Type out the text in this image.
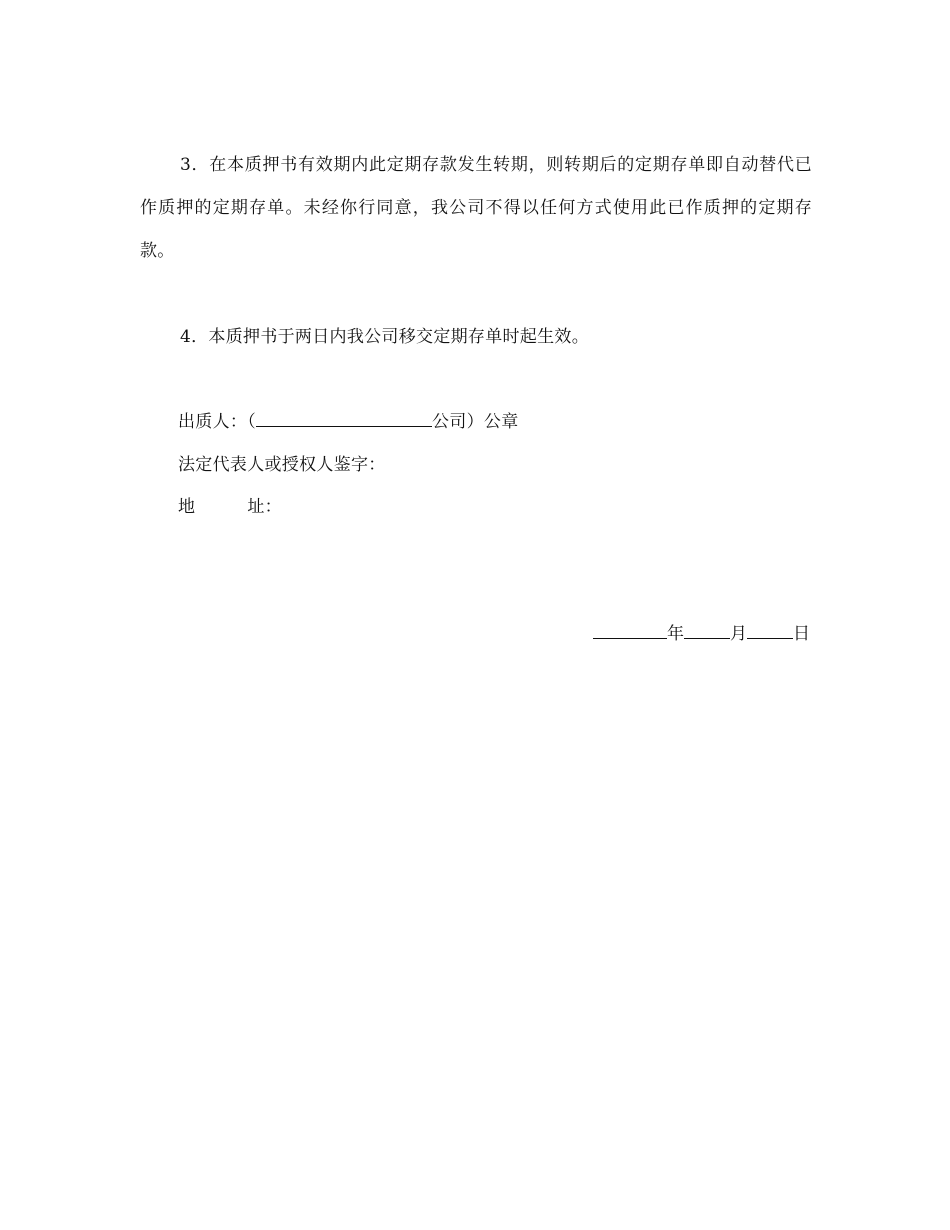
3．在本质押书有效期内此定期存款发生转期，则转期后的定期存单即自动替代已作质押的定期存单。未经你行同意，我公司不得以任何方式使用此已作质押的定期存款。

4．本质押书于两日内我公司移交定期存单时起生效。

出质人：（	公司）公章
法定代表人或授权人鉴字：
地	址：
年	月	日
